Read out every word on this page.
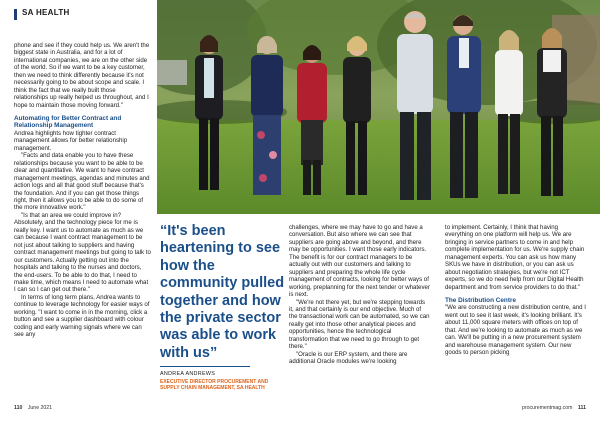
SA HEALTH

phone and see if they could help us. We aren't the biggest state in Australia, and for a lot of international companies, we are on the other side of the world. So if we want to be a key customer, then we need to think differently because it's not necessarily going to be about scope and scale. I think the fact that we really built those relationships up really helped us throughout, and I hope to maintain those moving forward."

Automating for Better Contract and Relationship Management

Andrea highlights how tighter contract management allows for better relationship management.

"Facts and data enable you to have these relationships because you want to be able to be clear and quantitative. We want to have contract management meetings, agendas and minutes and action logs and all that good stuff because that's the foundation. And if you can get those things right, then it allows you to be able to do some of the more innovative work."

"Is that an area we could improve in? Absolutely, and the technology piece for me is really key. I want us to automate as much as we can because I want contract management to be not just about talking to suppliers and having contract management meetings but going to talk to our customers. Actually getting out into the hospitals and talking to the nurses and doctors, the end-users. To be able to do that, I need to make time, which means I need to automate what I can so I can get out there."

In terms of long term plans, Andrea wants to continue to leverage technology for easier ways of working. "I want to come in in the morning, click a button and see a supplier dashboard with colour coding and early warning signals where we can see any

“It's been heartening to see how the community pulled together and how the private sector was able to work with us”
ANDREA ANDREWS
EXECUTIVE DIRECTOR PROCUREMENT AND SUPPLY CHAIN MANAGEMENT, SA HEALTH

challenges, where we may have to go and have a conversation. But also where we can see that suppliers are going above and beyond, and there may be opportunities. I want those early indicators. The benefit is for our contract managers to be actually out with our customers and talking to suppliers and preparing the whole life cycle management of contracts, looking for better ways of working, preplanning for the next tender or whatever is next.

"We're not there yet, but we're stepping towards it, and that certainly is our end objective. Much of the transactional work can be automated, so we can really get into those other analytical pieces and opportunities, hence the technological transformation that we need to go through to get there."

"Oracle is our ERP system, and there are additional Oracle modules we're looking

to implement. Certainly, I think that having everything on one platform will help us. We are bringing in service partners to come in and help complete implementation for us. We're supply chain management experts. You can ask us how many SKUs we have in distribution, or you can ask us about negotiation strategies, but we're not ICT experts, so we do need help from our Digital Health department and from service providers to do that."

The Distribution Centre

"We are constructing a new distribution centre, and I went out to see it last week, it's looking brilliant. It's about 11,000 square meters with offices on top of that. And we're looking to automate as much as we can. We'll be putting in a new procurement system and warehouse management system. Our new goods to person picking

110 June 2021	procurementmag.com 111
